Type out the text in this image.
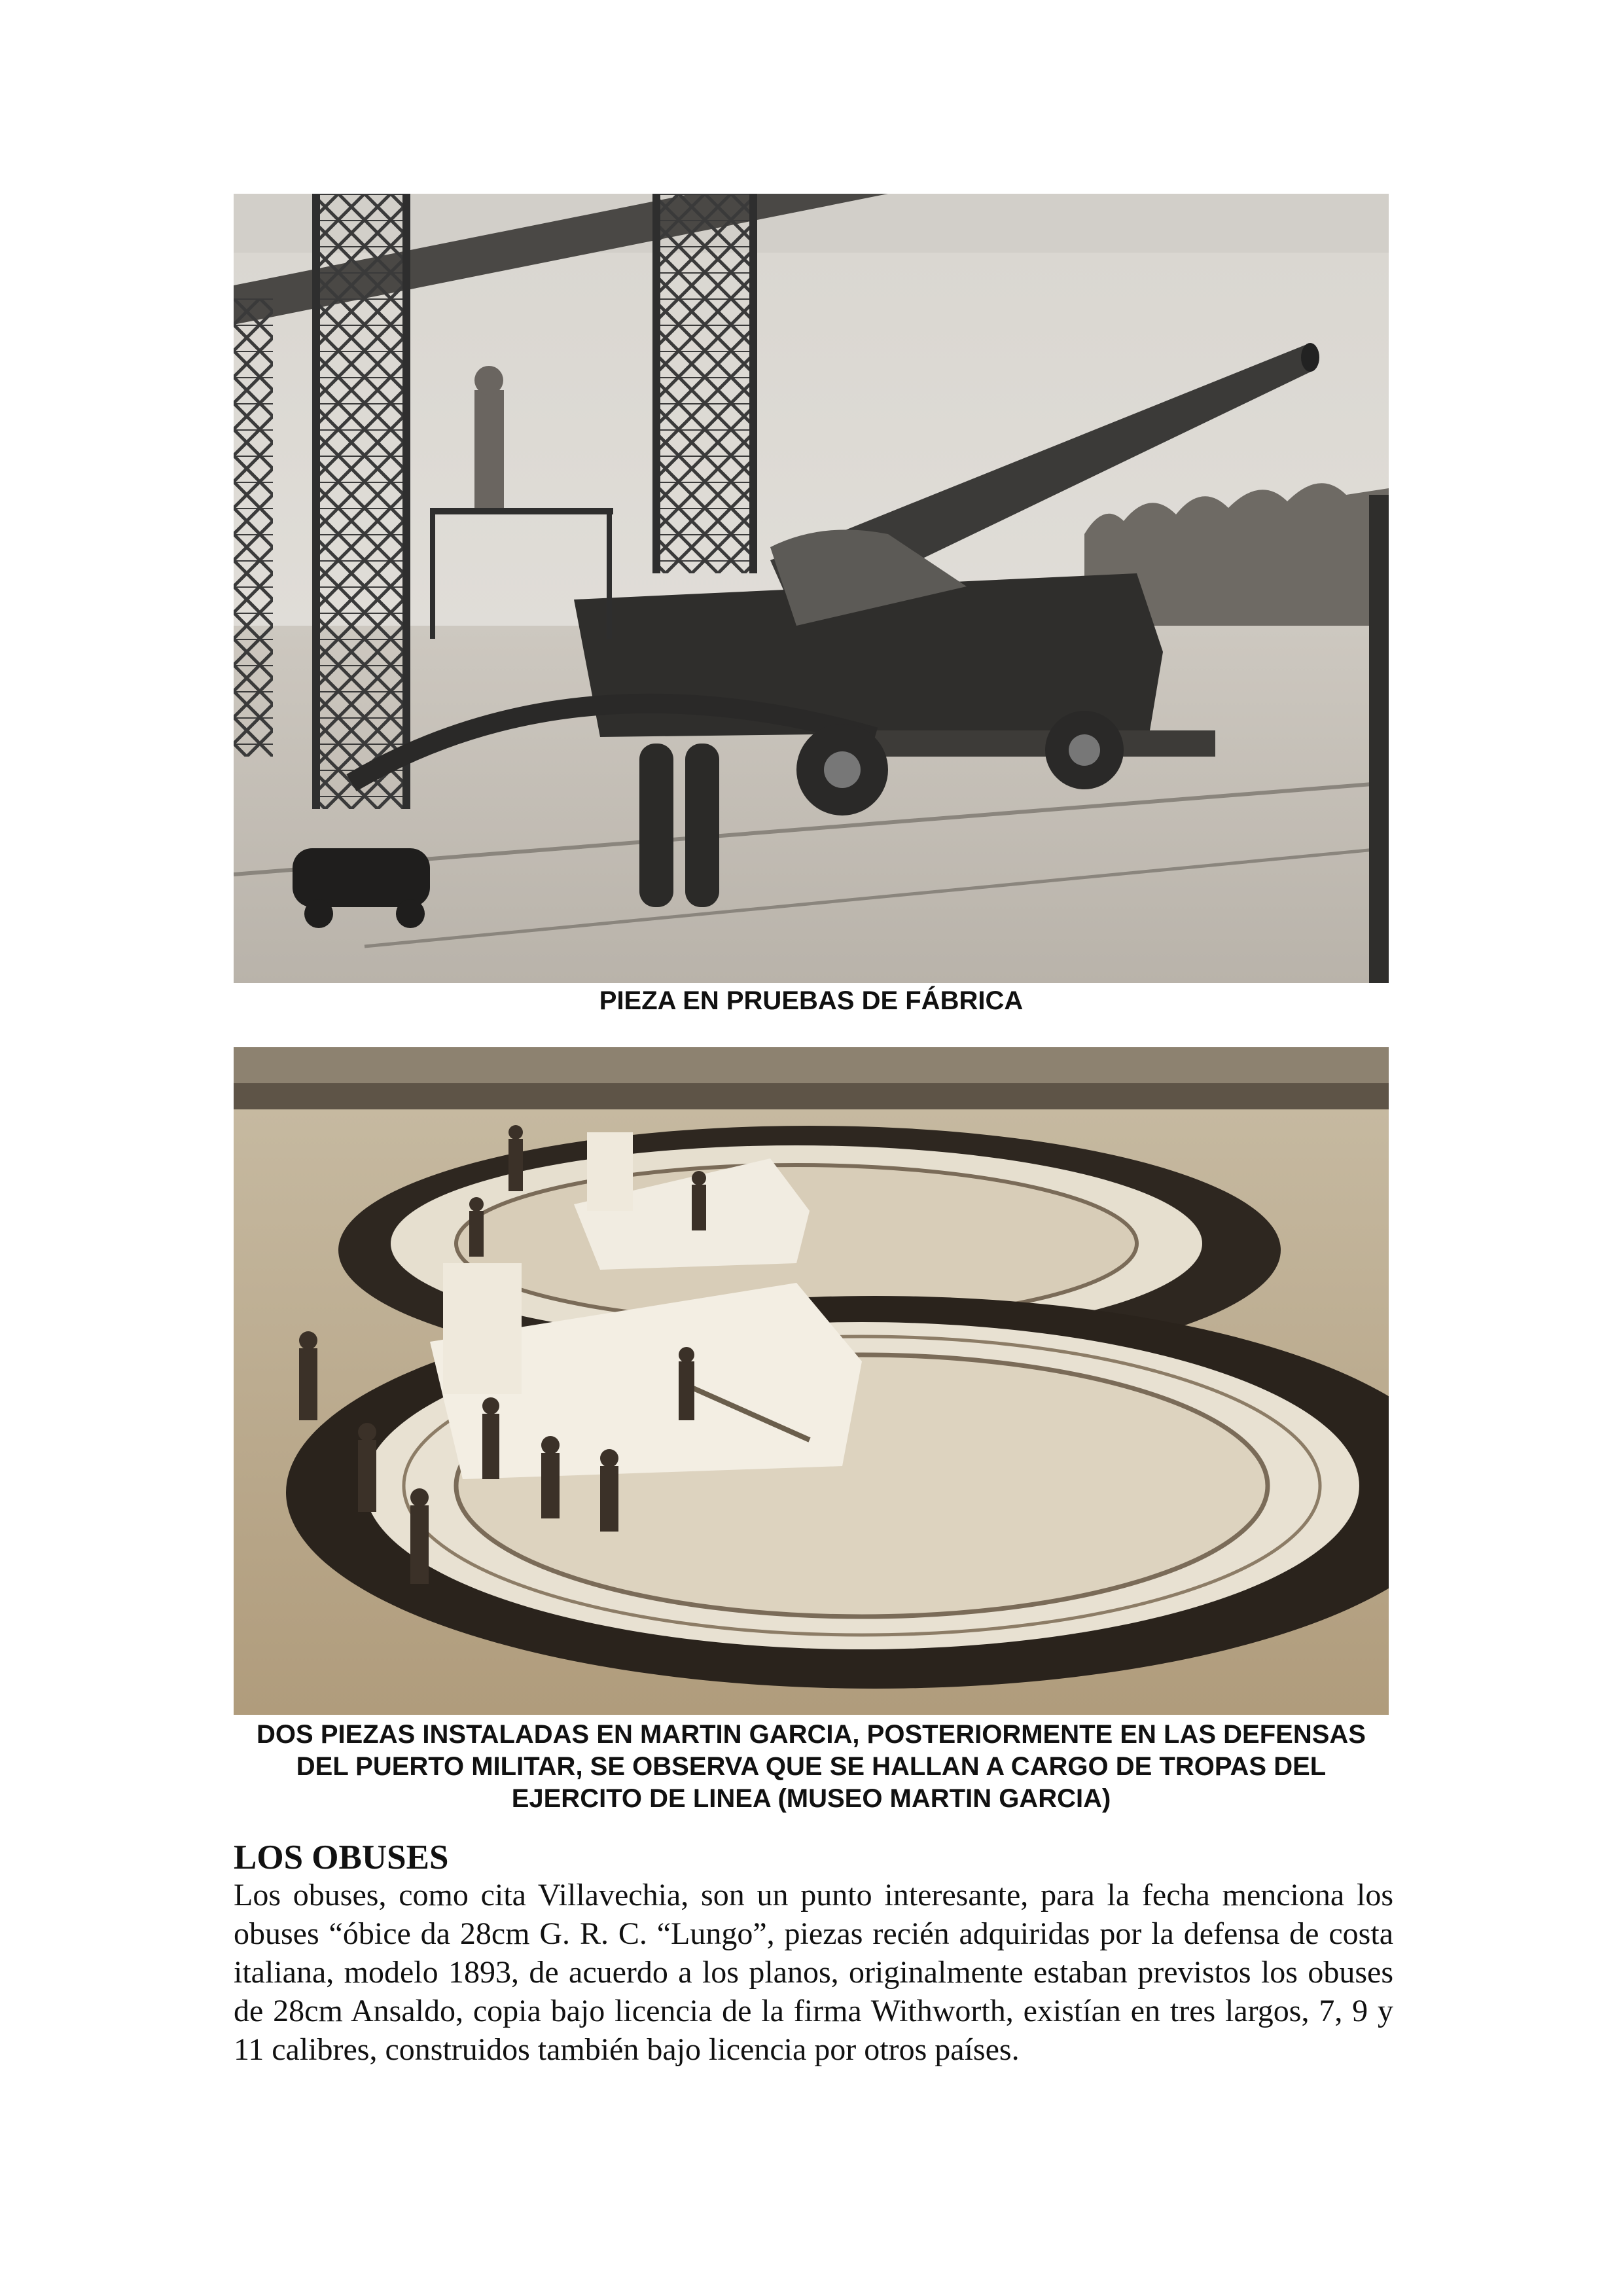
PIEZA EN PRUEBAS DE FÁBRICA
DOS PIEZAS INSTALADAS EN MARTIN GARCIA, POSTERIORMENTE EN LAS DEFENSAS DEL PUERTO MILITAR, SE OBSERVA QUE SE HALLAN A CARGO DE TROPAS DEL EJERCITO DE LINEA (MUSEO MARTIN GARCIA)
LOS OBUSES
Los obuses, como cita Villavechia, son un punto interesante, para la fecha menciona los obuses “óbice da 28cm G. R. C. “Lungo”, piezas recién adquiridas por la defensa de costa italiana, modelo 1893, de acuerdo a los planos, originalmente estaban previstos los obuses de 28cm Ansaldo, copia bajo licencia de la firma Withworth, existían en tres largos, 7, 9 y 11 calibres, construidos también bajo licencia por otros países.
